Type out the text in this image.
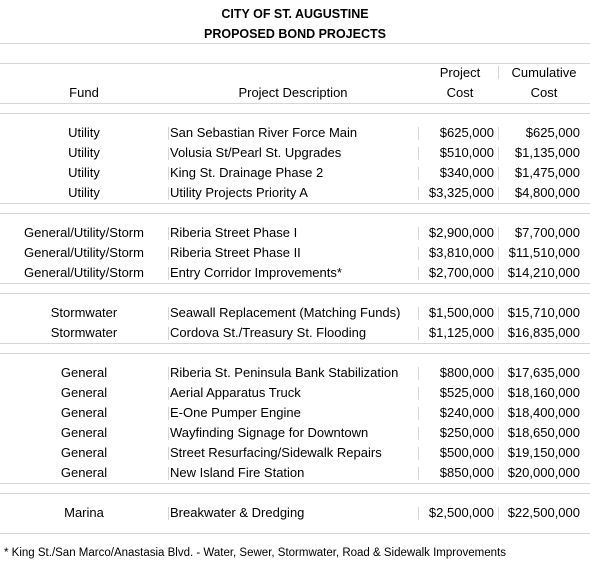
CITY OF ST. AUGUSTINE
PROPOSED BOND PROJECTS
Project	Cumulative
Fund	Project Description	Cost	Cost
Utility	San Sebastian River Force Main	$625,000	$625,000
Utility	Volusia St/Pearl St. Upgrades	$510,000	$1,135,000
Utility	King St. Drainage Phase 2	$340,000	$1,475,000
Utility	Utility Projects Priority A	$3,325,000	$4,800,000
General/Utility/Storm	Riberia Street Phase I	$2,900,000	$7,700,000
General/Utility/Storm	Riberia Street Phase II	$3,810,000	$11,510,000
General/Utility/Storm	Entry Corridor Improvements*	$2,700,000	$14,210,000
Stormwater	Seawall Replacement (Matching Funds)	$1,500,000	$15,710,000
Stormwater	Cordova St./Treasury St. Flooding	$1,125,000	$16,835,000
General	Riberia St. Peninsula Bank Stabilization	$800,000	$17,635,000
General	Aerial Apparatus Truck	$525,000	$18,160,000
General	E-One Pumper Engine	$240,000	$18,400,000
General	Wayfinding Signage for Downtown	$250,000	$18,650,000
General	Street Resurfacing/Sidewalk Repairs	$500,000	$19,150,000
General	New Island Fire Station	$850,000	$20,000,000
Marina	Breakwater & Dredging	$2,500,000	$22,500,000
* King St./San Marco/Anastasia Blvd. - Water, Sewer, Stormwater, Road & Sidewalk Improvements
